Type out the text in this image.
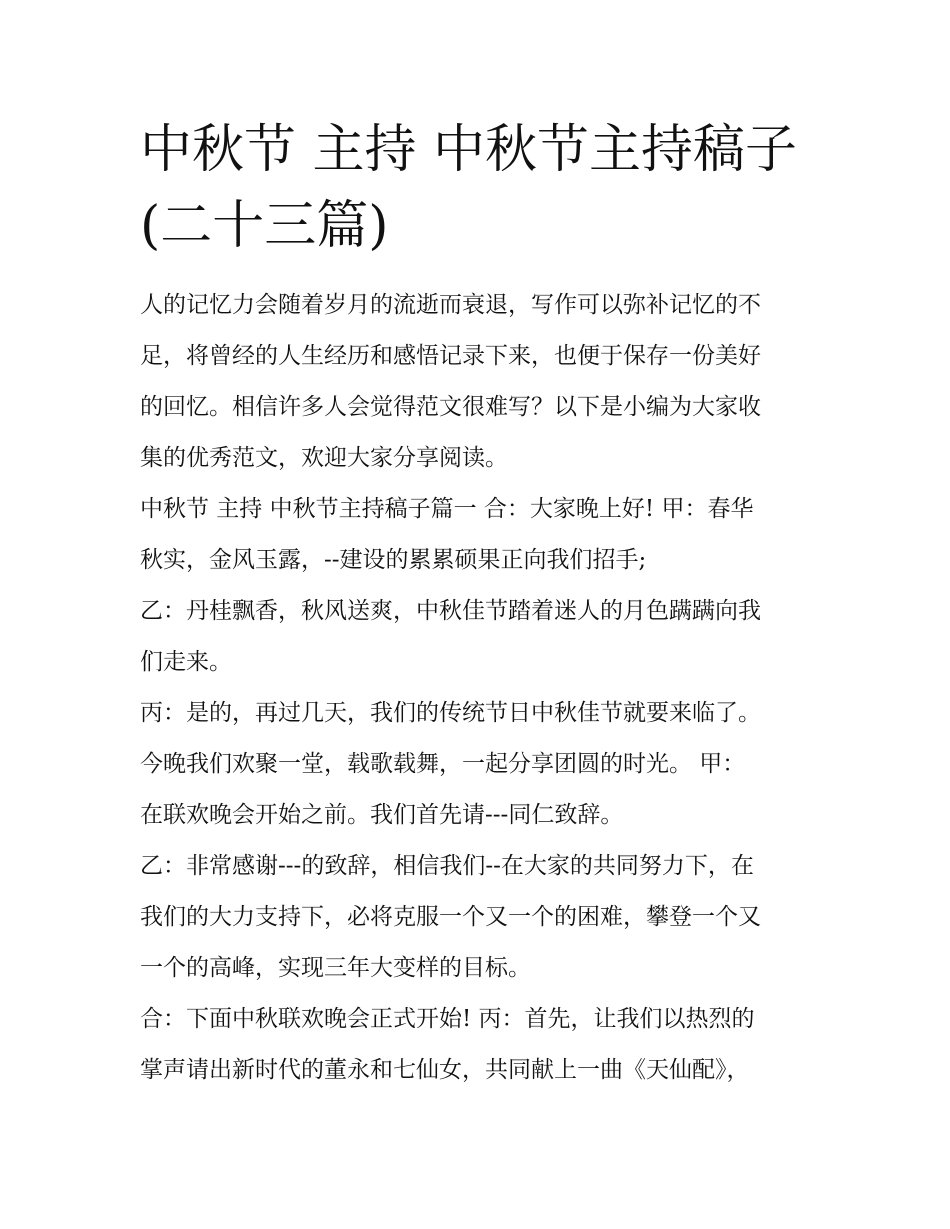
中秋节 主持 中秋节主持稿子
(二十三篇)
人的记忆力会随着岁月的流逝而衰退，写作可以弥补记忆的不
足，将曾经的人生经历和感悟记录下来，也便于保存一份美好
的回忆。相信许多人会觉得范文很难写？以下是小编为大家收
集的优秀范文，欢迎大家分享阅读。
中秋节 主持 中秋节主持稿子篇一 合：大家晚上好! 甲：春华
秋实，金风玉露，--建设的累累硕果正向我们招手;
乙：丹桂飘香，秋风送爽，中秋佳节踏着迷人的月色蹒蹒向我
们走来。
丙：是的，再过几天，我们的传统节日中秋佳节就要来临了。
今晚我们欢聚一堂，载歌载舞，一起分享团圆的时光。 甲：
在联欢晚会开始之前。我们首先请---同仁致辞。
乙：非常感谢---的致辞，相信我们--在大家的共同努力下，在
我们的大力支持下，必将克服一个又一个的困难，攀登一个又
一个的高峰，实现三年大变样的目标。
合：下面中秋联欢晚会正式开始! 丙：首先，让我们以热烈的
掌声请出新时代的董永和七仙女，共同献上一曲《天仙配》，
